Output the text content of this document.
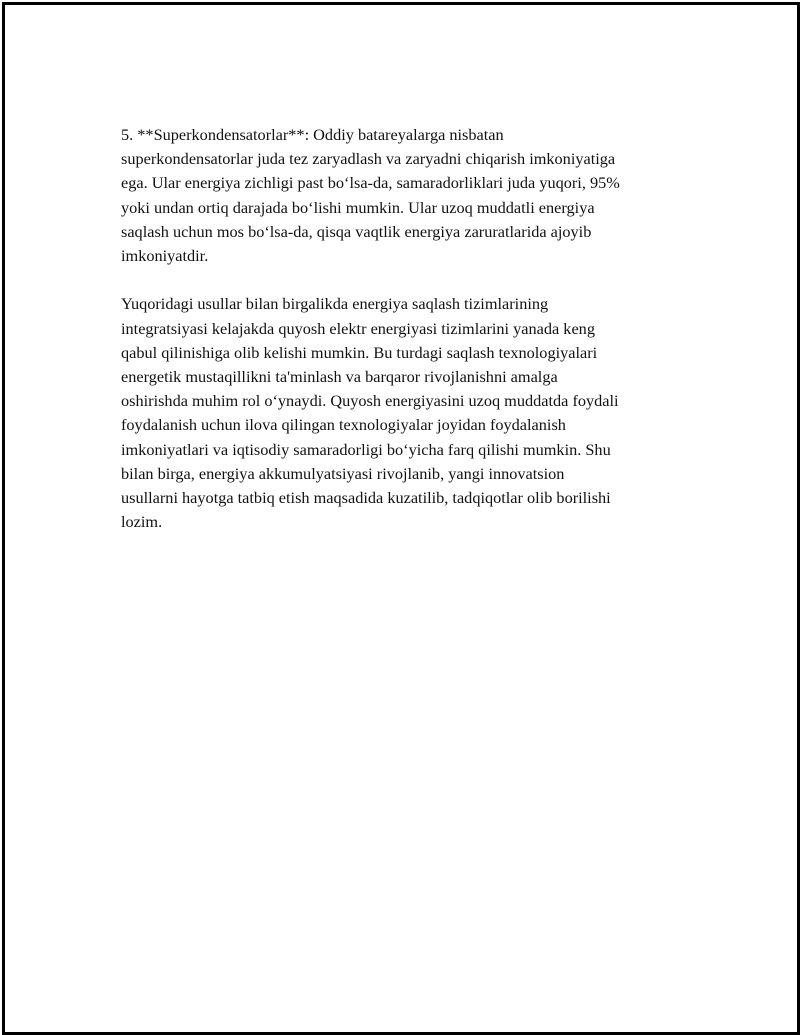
5. **Superkondensatorlar**: Oddiy batareyalarga nisbatan
superkondensatorlar juda tez zaryadlash va zaryadni chiqarish imkoniyatiga
ega. Ular energiya zichligi past bo‘lsa-da, samaradorliklari juda yuqori, 95%
yoki undan ortiq darajada bo‘lishi mumkin. Ular uzoq muddatli energiya
saqlash uchun mos bo‘lsa-da, qisqa vaqtlik energiya zaruratlarida ajoyib
imkoniyatdir.

Yuqoridagi usullar bilan birgalikda energiya saqlash tizimlarining
integratsiyasi kelajakda quyosh elektr energiyasi tizimlarini yanada keng
qabul qilinishiga olib kelishi mumkin. Bu turdagi saqlash texnologiyalari
energetik mustaqillikni ta'minlash va barqaror rivojlanishni amalga
oshirishda muhim rol o‘ynaydi. Quyosh energiyasini uzoq muddatda foydali
foydalanish uchun ilova qilingan texnologiyalar joyidan foydalanish
imkoniyatlari va iqtisodiy samaradorligi bo‘yicha farq qilishi mumkin. Shu
bilan birga, energiya akkumulyatsiyasi rivojlanib, yangi innovatsion
usullarni hayotga tatbiq etish maqsadida kuzatilib, tadqiqotlar olib borilishi
lozim.
